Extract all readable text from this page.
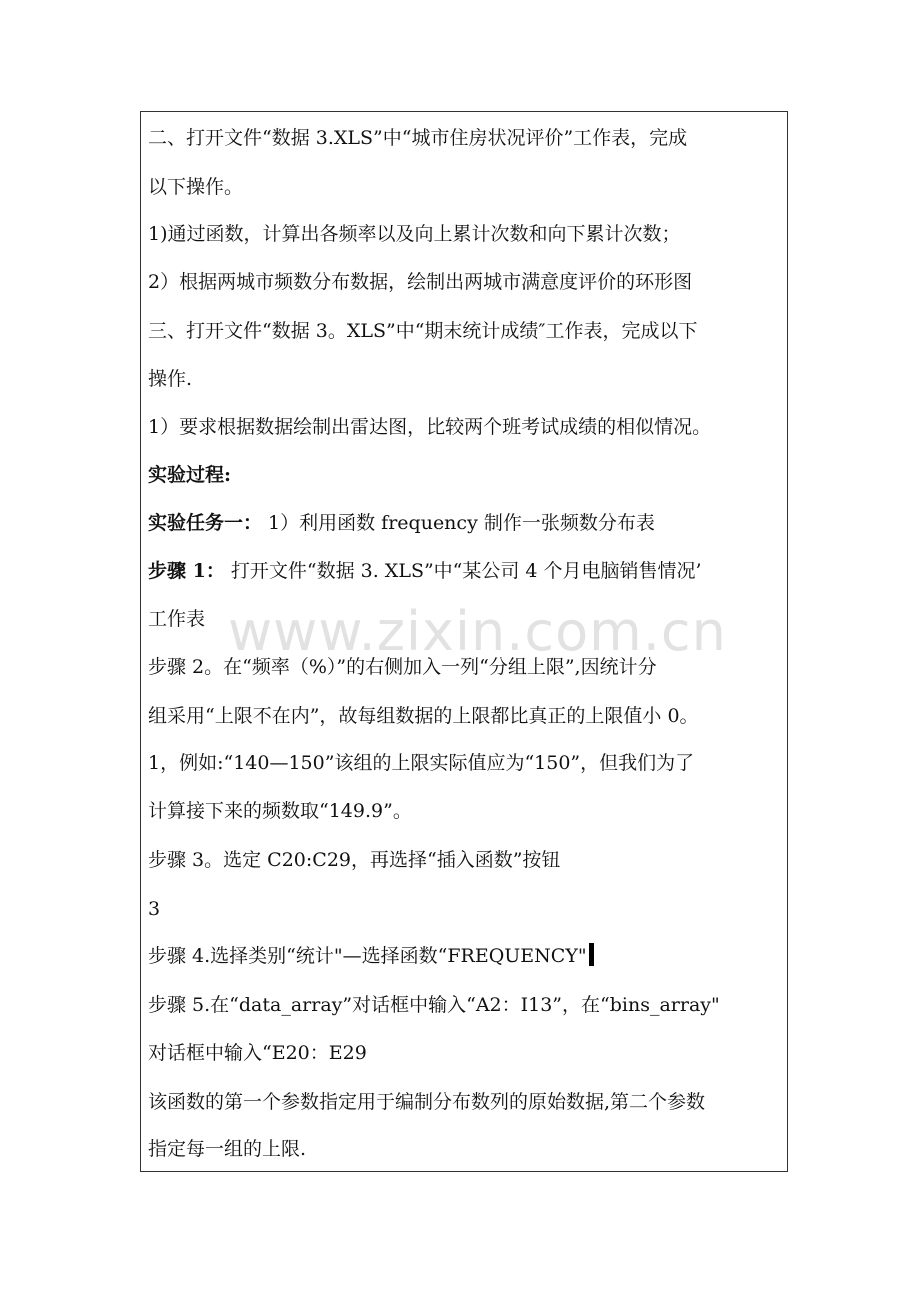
www.zixin.com.cn
二、打开文件“数据 3.XLS”中“城市住房状况评价”工作表，完成
以下操作。
1)通过函数，计算出各频率以及向上累计次数和向下累计次数；
2）根据两城市频数分布数据，绘制出两城市满意度评价的环形图
三、打开文件“数据 3。XLS”中“期末统计成绩″工作表，完成以下
操作.
1）要求根据数据绘制出雷达图，比较两个班考试成绩的相似情况。
实验过程:
实验任务一： 1）利用函数 frequency 制作一张频数分布表
步骤 1： 打开文件“数据 3. XLS”中“某公司 4 个月电脑销售情况’
工作表
步骤 2。在“频率（%）”的右侧加入一列“分组上限”,因统计分
组采用“上限不在内”，故每组数据的上限都比真正的上限值小 0。
1，例如:“140—150”该组的上限实际值应为“150”，但我们为了
计算接下来的频数取“149.9”。
步骤 3。选定 C20:C29，再选择“插入函数”按钮
3
步骤 4.选择类别“统计"—选择函数“FREQUENCY"
步骤 5.在“data_array”对话框中输入“A2：I13”，在“bins_array"
对话框中输入“E20：E29
该函数的第一个参数指定用于编制分布数列的原始数据,第二个参数
指定每一组的上限.
